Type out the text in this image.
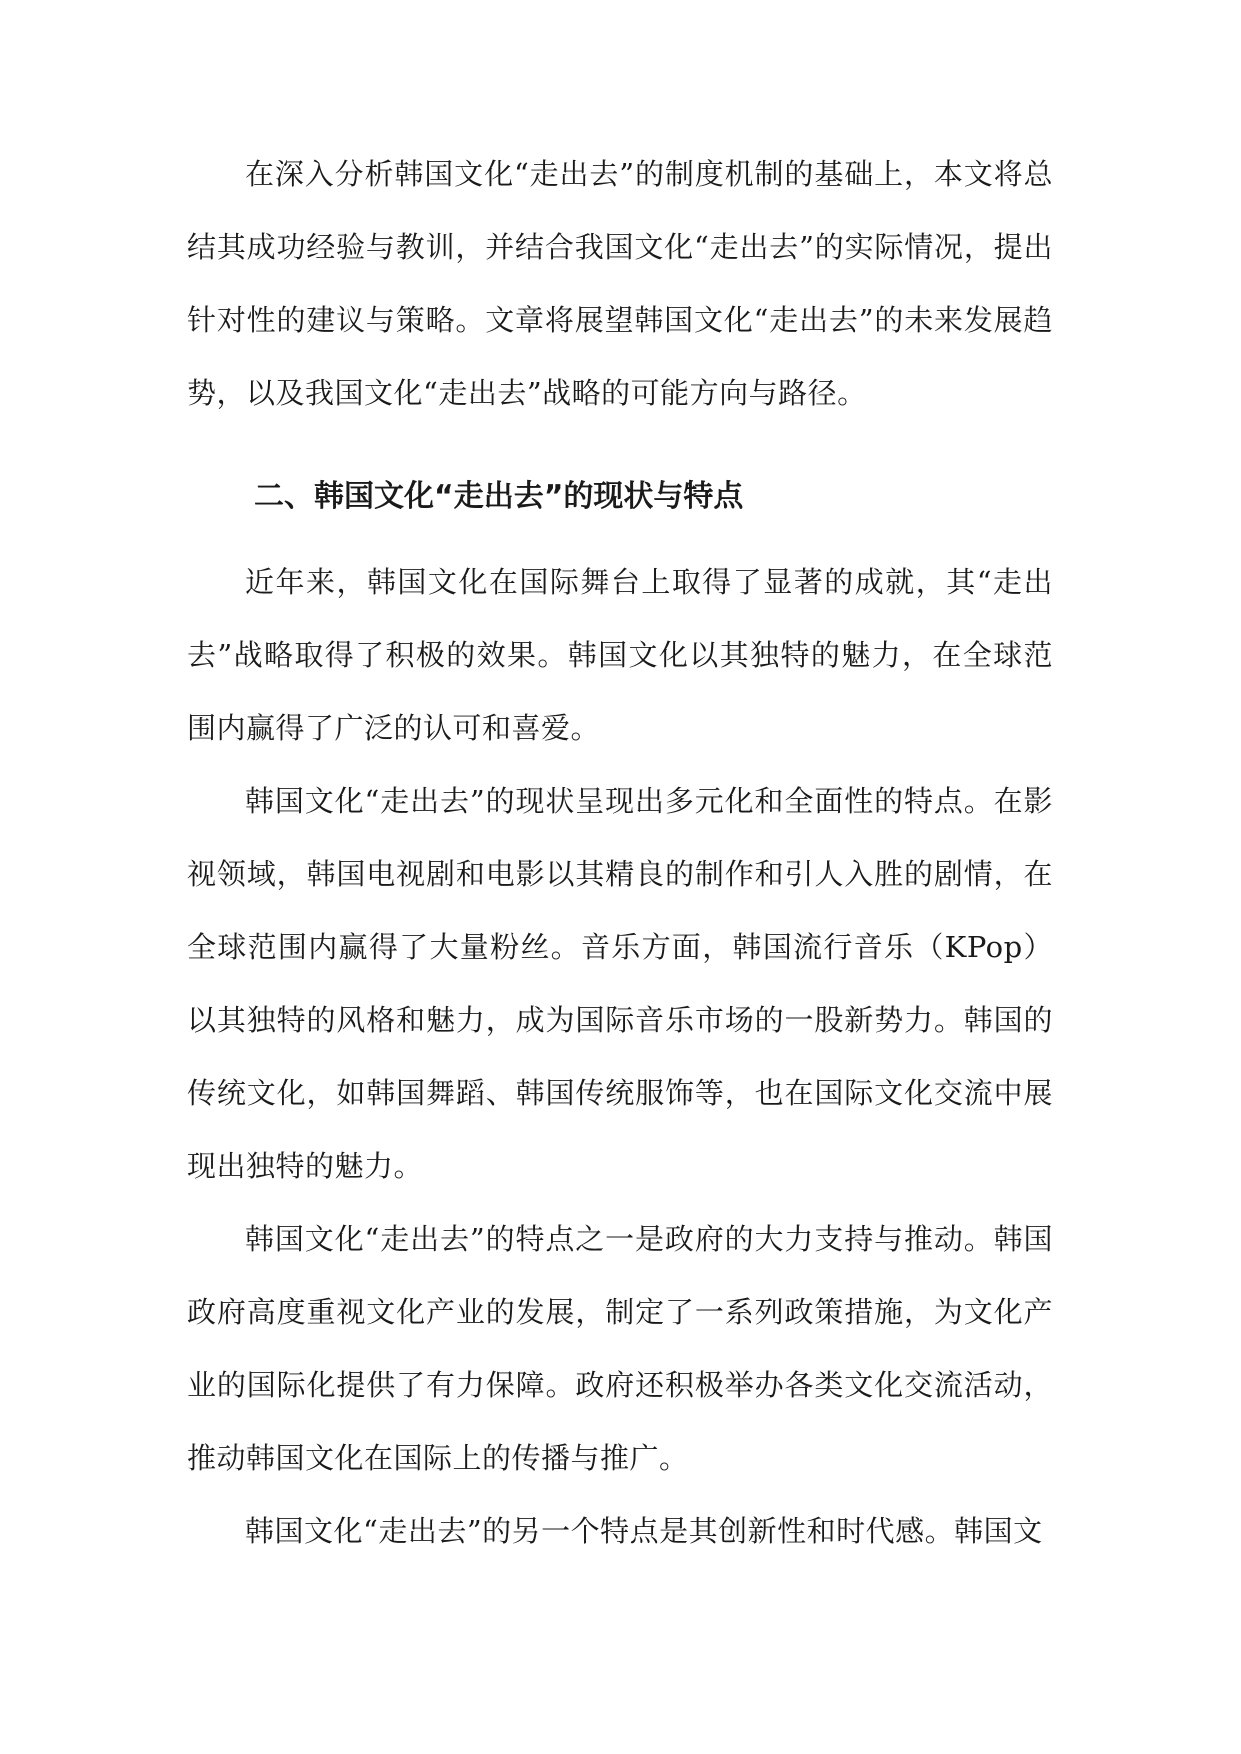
在深入分析韩国文化“走出去”的制度机制的基础上，本文将总结其成功经验与教训，并结合我国文化“走出去”的实际情况，提出针对性的建议与策略。文章将展望韩国文化“走出去”的未来发展趋势，以及我国文化“走出去”战略的可能方向与路径。

二、韩国文化“走出去”的现状与特点

近年来，韩国文化在国际舞台上取得了显著的成就，其“走出去”战略取得了积极的效果。韩国文化以其独特的魅力，在全球范围内赢得了广泛的认可和喜爱。

韩国文化“走出去”的现状呈现出多元化和全面性的特点。在影视领域，韩国电视剧和电影以其精良的制作和引人入胜的剧情，在全球范围内赢得了大量粉丝。音乐方面，韩国流行音乐（KPop）以其独特的风格和魅力，成为国际音乐市场的一股新势力。韩国的传统文化，如韩国舞蹈、韩国传统服饰等，也在国际文化交流中展现出独特的魅力。

韩国文化“走出去”的特点之一是政府的大力支持与推动。韩国政府高度重视文化产业的发展，制定了一系列政策措施，为文化产业的国际化提供了有力保障。政府还积极举办各类文化交流活动，推动韩国文化在国际上的传播与推广。

韩国文化“走出去”的另一个特点是其创新性和时代感。韩国文
